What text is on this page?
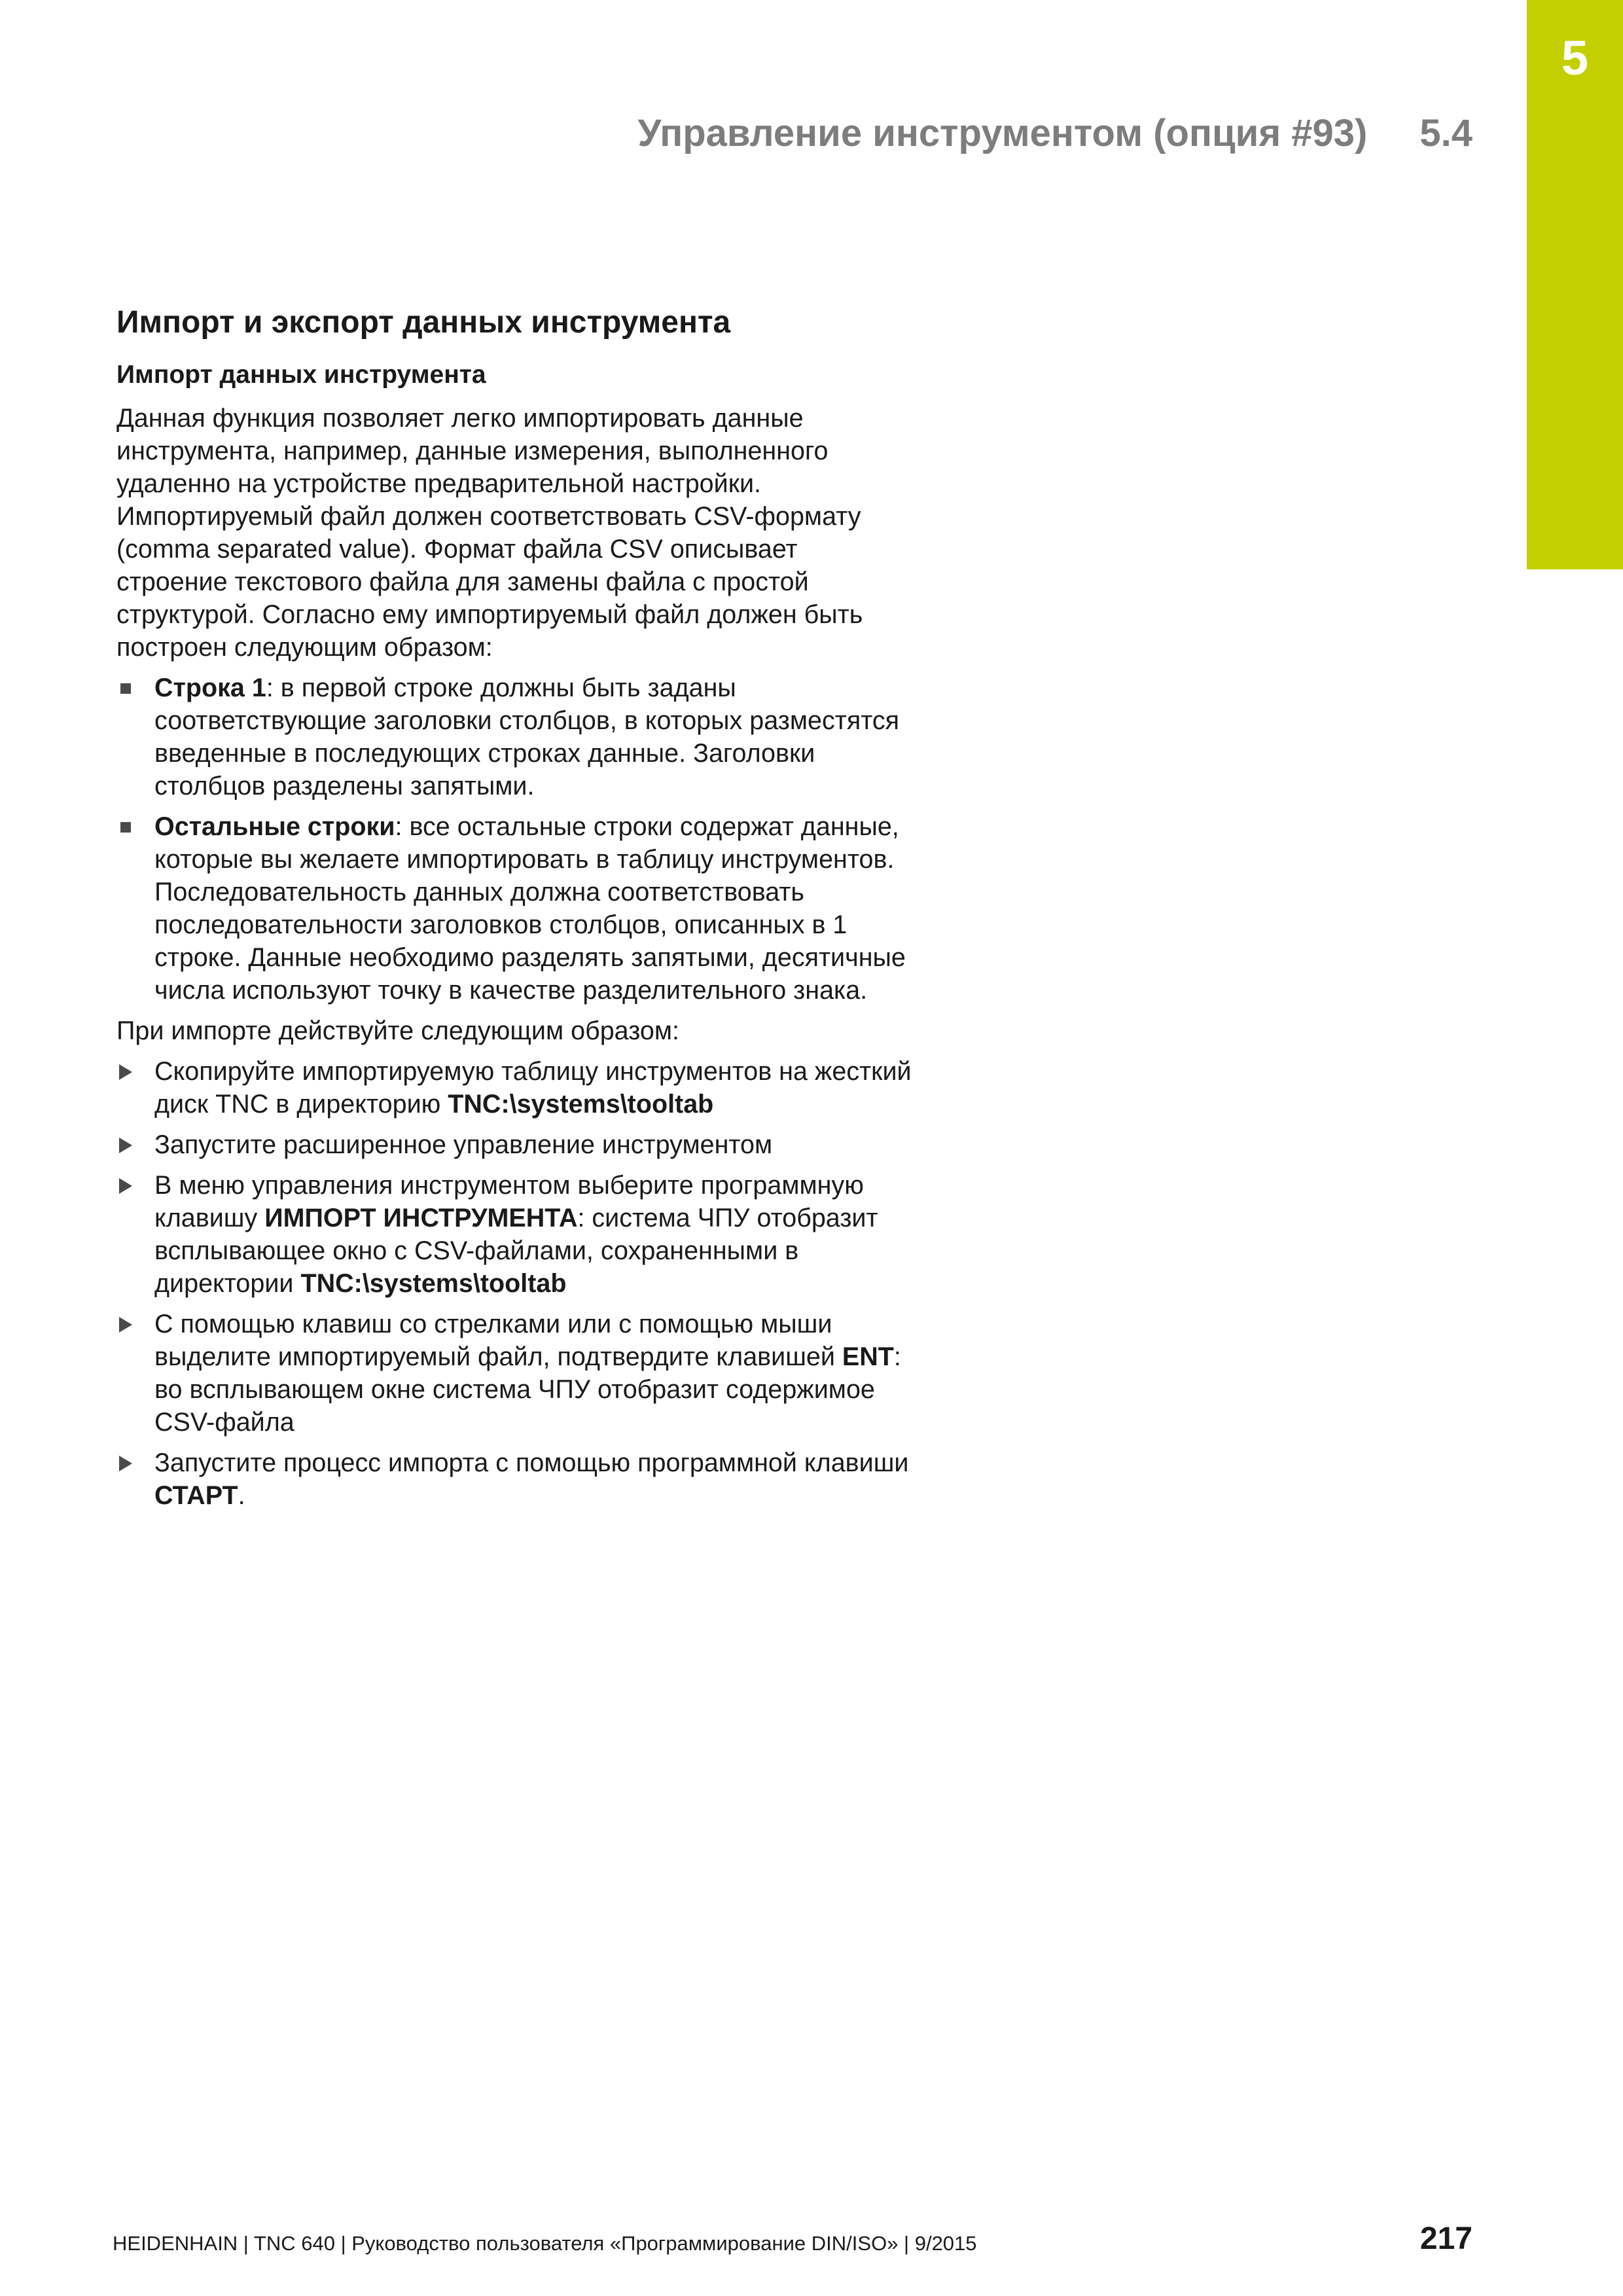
5
Управление инструментом (опция #93) 5.4
Импорт и экспорт данных инструмента
Импорт данных инструмента

Данная функция позволяет легко импортировать данные инструмента, например, данные измерения, выполненного удаленно на устройстве предварительной настройки. Импортируемый файл должен соответствовать CSV-формату (comma separated value). Формат файла CSV описывает строение текстового файла для замены файла с простой структурой. Согласно ему импортируемый файл должен быть построен следующим образом:

Строка 1: в первой строке должны быть заданы соответствующие заголовки столбцов, в которых разместятся введенные в последующих строках данные. Заголовки столбцов разделены запятыми.
Остальные строки: все остальные строки содержат данные, которые вы желаете импортировать в таблицу инструментов. Последовательность данных должна соответствовать последовательности заголовков столбцов, описанных в 1 строке. Данные необходимо разделять запятыми, десятичные числа используют точку в качестве разделительного знака.

При импорте действуйте следующим образом:

Скопируйте импортируемую таблицу инструментов на жесткий диск TNC в директорию TNC:\systems\tooltab
Запустите расширенное управление инструментом
В меню управления инструментом выберите программную клавишу ИМПОРТ ИНСТРУМЕНТА: система ЧПУ отобразит всплывающее окно с CSV-файлами, сохраненными в директории TNC:\systems\tooltab
С помощью клавиш со стрелками или с помощью мыши выделите импортируемый файл, подтвердите клавишей ENT: во всплывающем окне система ЧПУ отобразит содержимое CSV-файла
Запустите процесс импорта с помощью программной клавиши СТАРТ.
HEIDENHAIN | TNC 640 | Руководство пользователя «Программирование DIN/ISO» | 9/2015	217
